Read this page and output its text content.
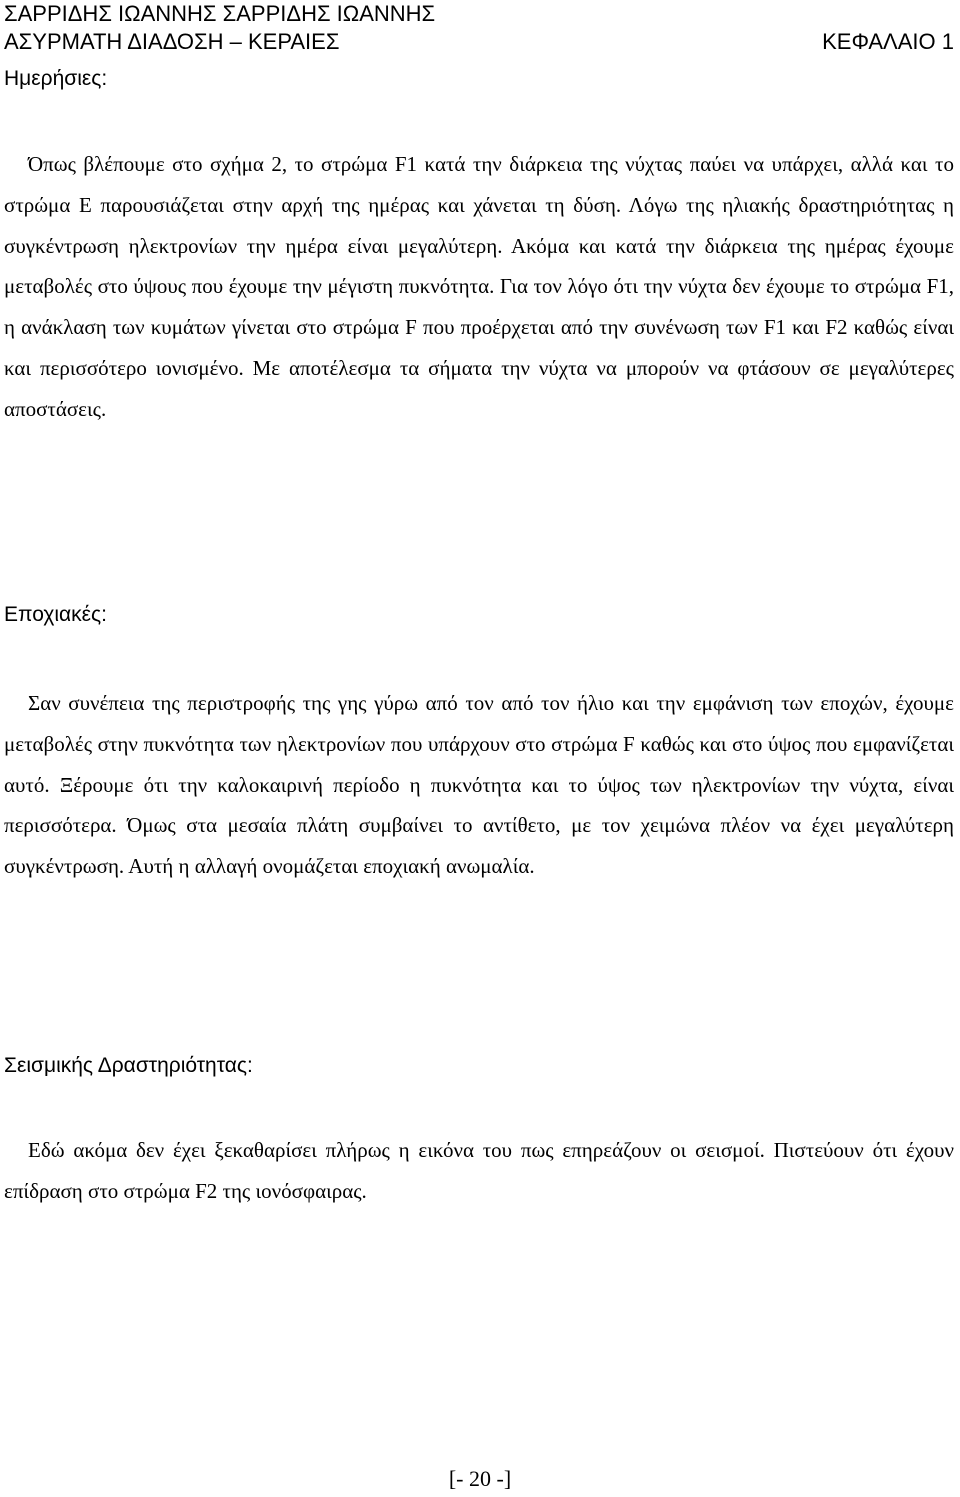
ΣΑΡΡΙΔΗΣ ΙΩΑΝΝΗΣ ΣΑΡΡΙΔΗΣ ΙΩΑΝΝΗΣ
ΑΣΥΡΜΑΤΗ ΔΙΑΔΟΣΗ – ΚΕΡΑΙΕΣ	ΚΕΦΑΛΑΙΟ 1
Ημερήσιες:
Όπως βλέπουμε στο σχήμα 2, το στρώμα F1 κατά την διάρκεια της νύχτας παύει να υπάρχει, αλλά και το στρώμα Ε παρουσιάζεται στην αρχή της ημέρας και χάνεται τη δύση. Λόγω της ηλιακής δραστηριότητας η συγκέντρωση ηλεκτρονίων την ημέρα είναι μεγαλύτερη. Ακόμα και κατά την διάρκεια της ημέρας έχουμε μεταβολές στο ύψους που έχουμε την μέγιστη πυκνότητα. Για τον λόγο ότι την νύχτα δεν έχουμε το στρώμα F1, η ανάκλαση των κυμάτων γίνεται στο στρώμα F που προέρχεται από την συνένωση των F1 και F2 καθώς είναι και περισσότερο ιονισμένο. Με αποτέλεσμα τα σήματα την νύχτα να μπορούν να φτάσουν σε μεγαλύτερες αποστάσεις.
Εποχιακές:
Σαν συνέπεια της περιστροφής της γης γύρω από τον από τον ήλιο και την εμφάνιση των εποχών, έχουμε μεταβολές στην πυκνότητα των ηλεκτρονίων που υπάρχουν στο στρώμα F καθώς και στο ύψος που εμφανίζεται αυτό. Ξέρουμε ότι την καλοκαιρινή περίοδο η πυκνότητα και το ύψος των ηλεκτρονίων την νύχτα, είναι περισσότερα. Όμως στα μεσαία πλάτη συμβαίνει το αντίθετο, με τον χειμώνα πλέον να έχει μεγαλύτερη συγκέντρωση. Αυτή η αλλαγή ονομάζεται εποχιακή ανωμαλία.
Σεισμικής Δραστηριότητας:
Εδώ ακόμα δεν έχει ξεκαθαρίσει πλήρως η εικόνα του πως επηρεάζουν οι σεισμοί. Πιστεύουν ότι έχουν επίδραση στο στρώμα F2 της ιονόσφαιρας.
[- 20 -]
